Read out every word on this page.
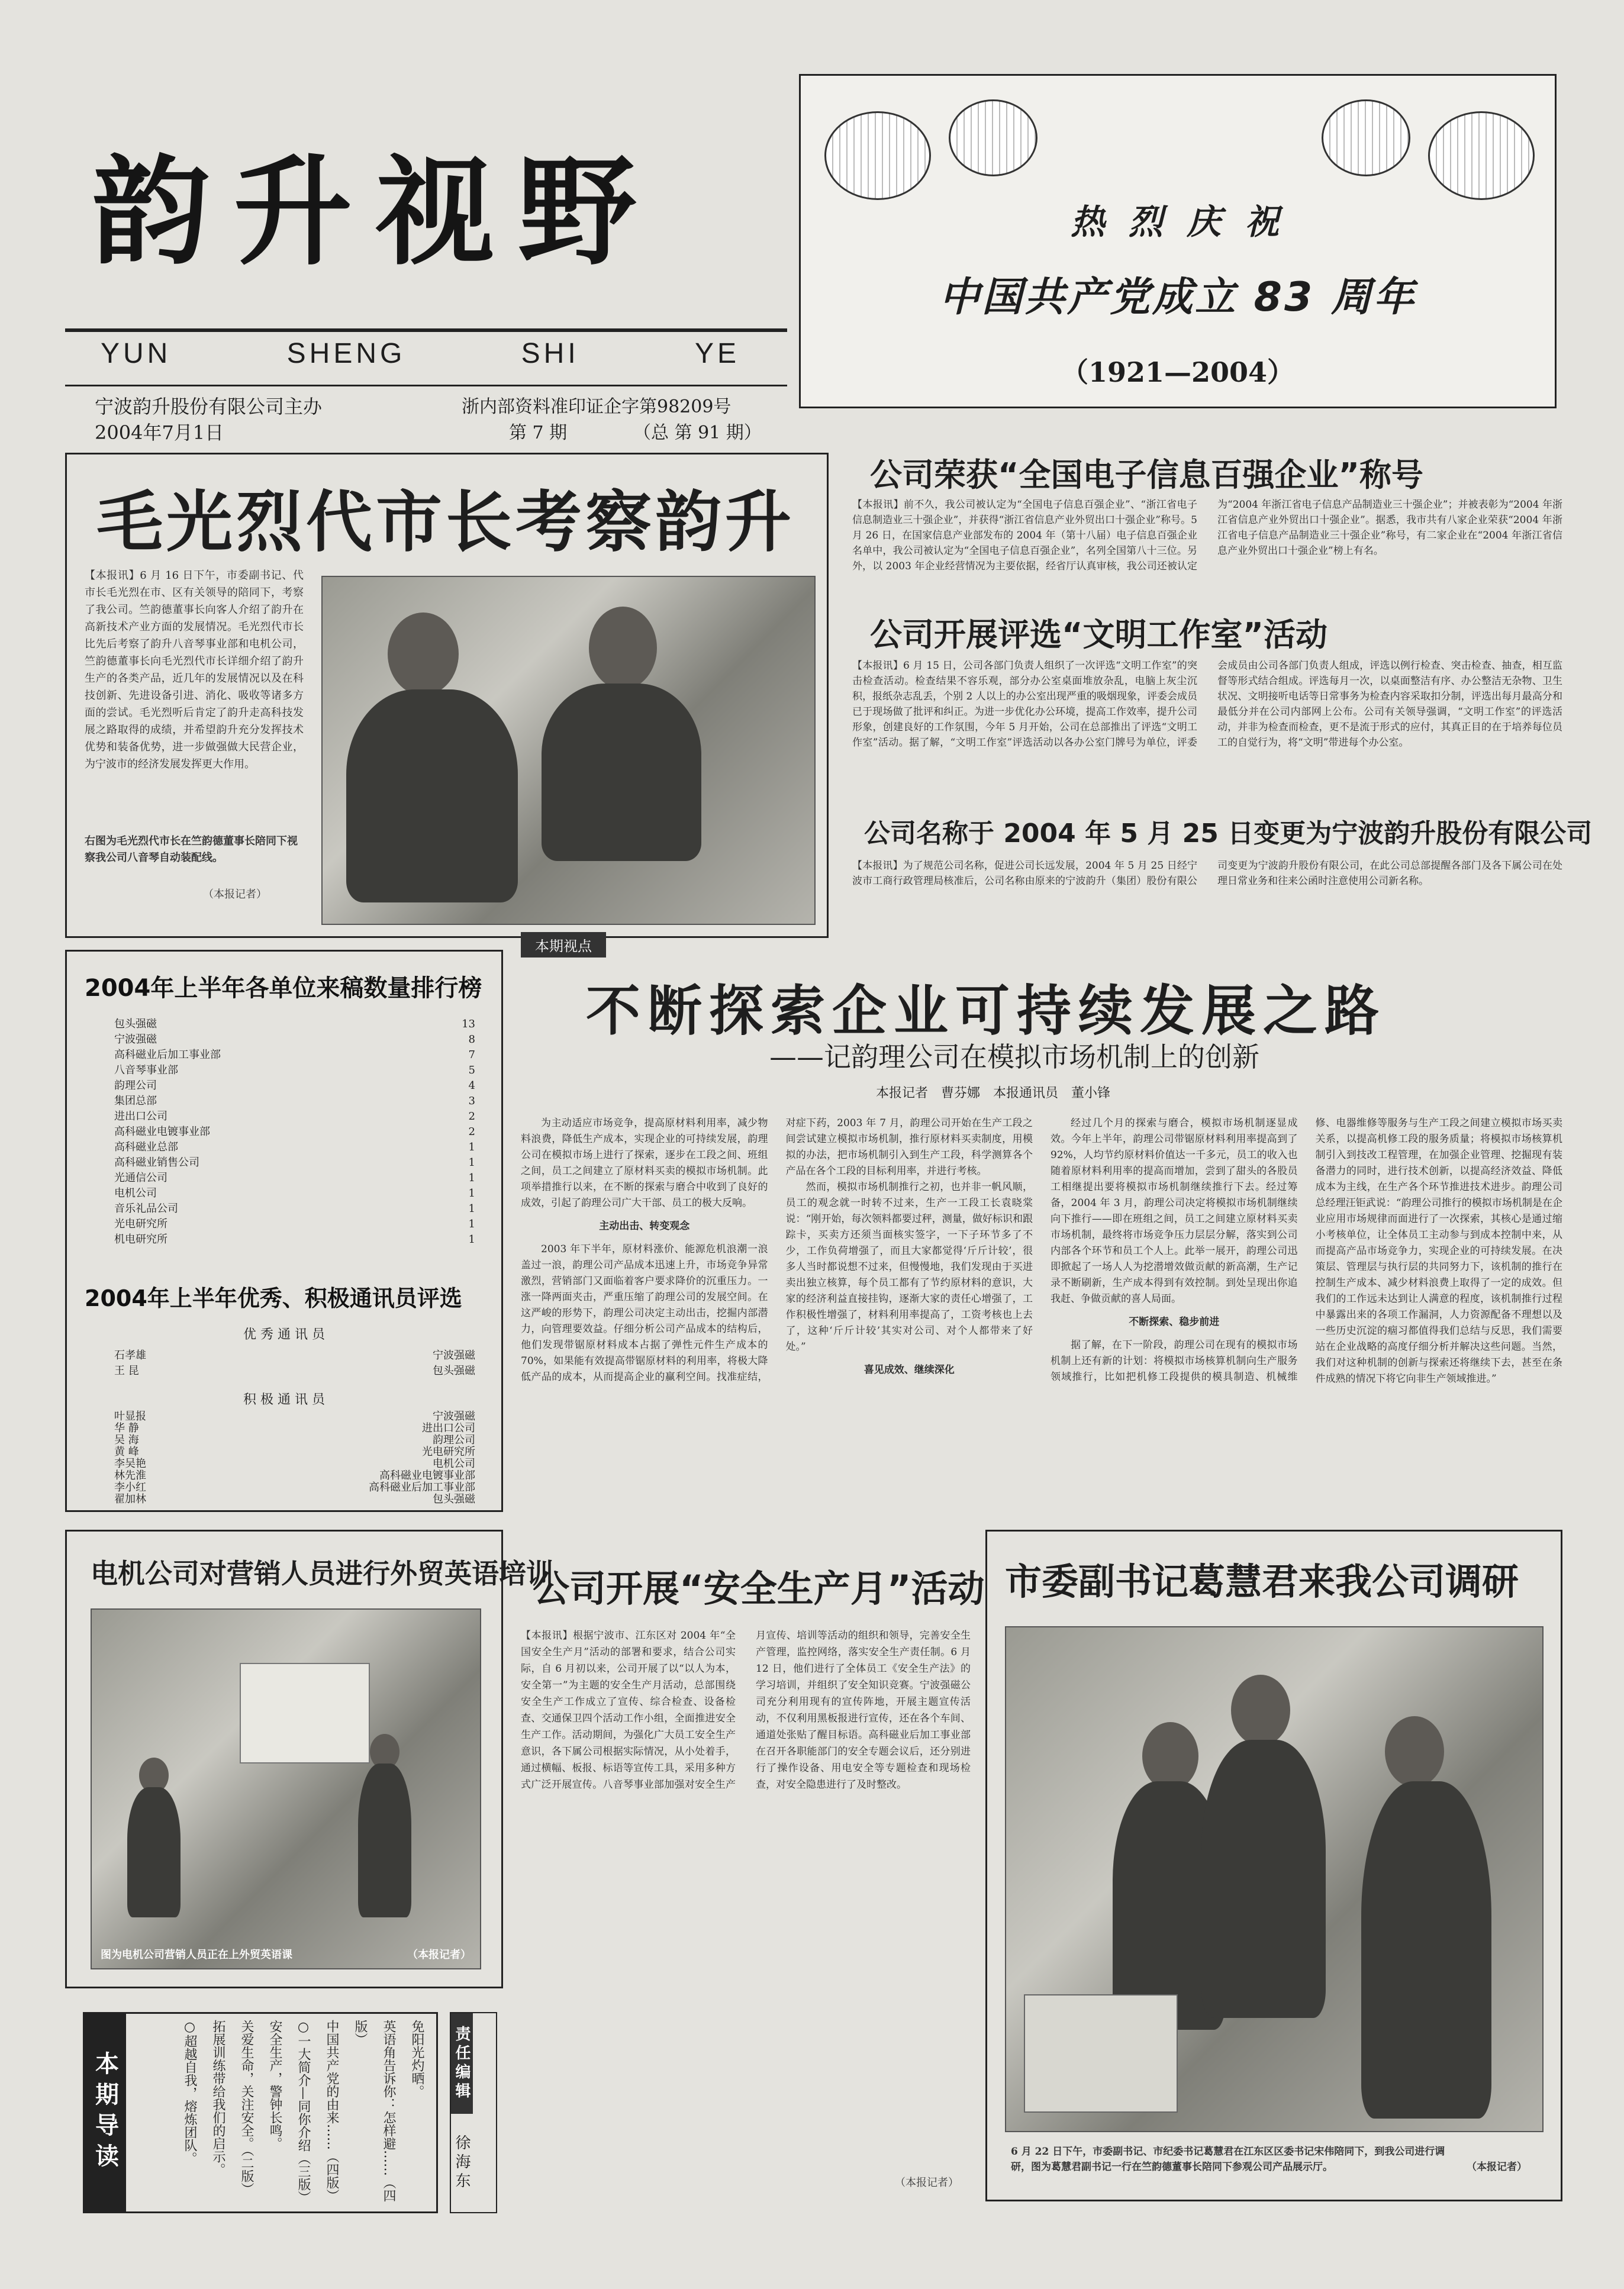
韵升视野
YUN	SHENG	SHI	YE
宁波韵升股份有限公司主办	浙内部资料准印证企字第98209号
2004年7月1日	第 7 期	（总 第 91 期）
热 烈 庆 祝
中国共产党成立 83 周年
（1921—2004）
毛光烈代市长考察韵升
【本报讯】6 月 16 日下午，市委副书记、代市长毛光烈在市、区有关领导的陪同下，考察了我公司。竺韵德董事长向客人介绍了韵升在高新技术产业方面的发展情况。毛光烈代市长比先后考察了韵升八音琴事业部和电机公司，竺韵德董事长向毛光烈代市长详细介绍了韵升生产的各类产品，近几年的发展情况以及在科技创新、先进设备引进、消化、吸收等诸多方面的尝试。毛光烈听后肯定了韵升走高科技发展之路取得的成绩，并希望韵升充分发挥技术优势和装备优势，进一步做强做大民营企业，为宁波市的经济发展发挥更大作用。
右图为毛光烈代市长在竺韵德董事长陪同下视察我公司八音琴自动装配线。
（本报记者）
公司荣获“全国电子信息百强企业”称号
【本报讯】前不久，我公司被认定为“全国电子信息百强企业”、“浙江省电子信息制造业三十强企业”，并获得“浙江省信息产业外贸出口十强企业”称号。5 月 26 日，在国家信息产业部发布的 2004 年（第十八届）电子信息百强企业名单中，我公司被认定为“全国电子信息百强企业”，名列全国第八十三位。另外，以 2003 年企业经营情况为主要依据，经省厅认真审核，我公司还被认定为“2004 年浙江省电子信息产品制造业三十强企业”；并被表彰为“2004 年浙江省信息产业外贸出口十强企业”。据悉，我市共有八家企业荣获“2004 年浙江省电子信息产品制造业三十强企业”称号，有二家企业在“2004 年浙江省信息产业外贸出口十强企业”榜上有名。
公司开展评选“文明工作室”活动
【本报讯】6 月 15 日，公司各部门负责人组织了一次评选“文明工作室”的突击检查活动。检查结果不容乐观，部分办公室桌面堆放杂乱，电脑上灰尘沉积，报纸杂志乱丢，个别 2 人以上的办公室出现严重的吸烟现象，评委会成员已于现场做了批评和纠正。为进一步优化办公环境，提高工作效率，提升公司形象，创建良好的工作氛围，今年 5 月开始，公司在总部推出了评选“文明工作室”活动。据了解，“文明工作室”评选活动以各办公室门牌号为单位，评委会成员由公司各部门负责人组成，评选以例行检查、突击检查、抽查，相互监督等形式结合组成。评选每月一次，以桌面整洁有序、办公整洁无杂物、卫生状况、文明接听电话等日常事务为检查内容采取扣分制，评选出每月最高分和最低分并在公司内部网上公布。公司有关领导强调，“文明工作室”的评选活动，并非为检查而检查，更不是流于形式的应付，其真正目的在于培养每位员工的自觉行为，将“文明”带进每个办公室。
公司名称于 2004 年 5 月 25 日变更为宁波韵升股份有限公司
【本报讯】为了规范公司名称，促进公司长远发展，2004 年 5 月 25 日经宁波市工商行政管理局核准后，公司名称由原来的宁波韵升（集团）股份有限公司变更为宁波韵升股份有限公司，在此公司总部提醒各部门及各下属公司在处理日常业务和往来公函时注意使用公司新名称。
2004年上半年各单位来稿数量排行榜
包头强磁	13
宁波强磁	8
高科磁业后加工事业部	7
八音琴事业部	5
韵理公司	4
集团总部	3
进出口公司	2
高科磁业电镀事业部	2
高科磁业总部	1
高科磁业销售公司	1
光通信公司	1
电机公司	1
音乐礼品公司	1
光电研究所	1
机电研究所	1
2004年上半年优秀、积极通讯员评选
优 秀 通 讯 员
石孝雄	宁波强磁
王 昆	包头强磁
积 极 通 讯 员
叶显报	宁波强磁
华 静	进出口公司
吴 海	韵理公司
黄 峰	光电研究所
李吴艳	电机公司
林先淮	高科磁业电镀事业部
李小红	高科磁业后加工事业部
翟加林	包头强磁
本期视点
不断探索企业可持续发展之路
——记韵理公司在模拟市场机制上的创新
本报记者　曹芬娜　本报通讯员　董小锋

为主动适应市场竞争，提高原材料利用率，减少物料浪费，降低生产成本，实现企业的可持续发展，韵理公司在模拟市场上进行了探索，逐步在工段之间、班组之间，员工之间建立了原材料买卖的模拟市场机制。此项举措推行以来，在不断的探索与磨合中收到了良好的成效，引起了韵理公司广大干部、员工的极大反响。

主动出击、转变观念

2003 年下半年，原材料涨价、能源危机浪潮一浪盖过一浪，韵理公司产品成本迅速上升，市场竞争异常激烈，营销部门又面临着客户要求降价的沉重压力。一涨一降两面夹击，严重压缩了韵理公司的发展空间。在这严峻的形势下，韵理公司决定主动出击，挖掘内部潜力，向管理要效益。仔细分析公司产品成本的结构后，他们发现带锯原材料成本占据了弹性元件生产成本的 70%，如果能有效提高带锯原材料的利用率，将极大降低产品的成本，从而提高企业的赢利空间。找准症结，对症下药，2003 年 7 月，韵理公司开始在生产工段之间尝试建立模拟市场机制，推行原材料买卖制度，用模拟的办法，把市场机制引入到生产工段，科学测算各个产品在各个工段的目标利用率，并进行考核。

然而，模拟市场机制推行之初，也并非一帆风顺，员工的观念就一时转不过来，生产一工段工长袁晓棠说：“刚开始，每次领料都要过秤，测量，做好标识和跟踪卡，买卖方还须当面核实签字，一下子环节多了不少，工作负荷增强了，而且大家都觉得‘斤斤计较’，很多人当时都说想不过来，但慢慢地，我们发现由于买进卖出独立核算，每个员工都有了节约原材料的意识，大家的经济利益直接挂钩，逐渐大家的责任心增强了，工作积极性增强了，材料利用率提高了，工资考核也上去了，这种‘斤斤计较’其实对公司、对个人都带来了好处。”

喜见成效、继续深化

经过几个月的探索与磨合，模拟市场机制逐显成效。今年上半年，韵理公司带锯原材料利用率提高到了 92%，人均节约原材料价值达一千多元，员工的收入也随着原材料利用率的提高而增加，尝到了甜头的各股员工相继提出要将模拟市场机制继续推行下去。经过筹备，2004 年 3 月，韵理公司决定将模拟市场机制继续向下推行——即在班组之间，员工之间建立原材料买卖市场机制，最终将市场竞争压力层层分解，落实到公司内部各个环节和员工个人上。此举一展开，韵理公司迅即掀起了一场人人为挖潜增效做贡献的新高潮，生产记录不断刷新，生产成本得到有效控制。到处呈现出你追我赶、争做贡献的喜人局面。

不断探索、稳步前进

据了解，在下一阶段，韵理公司在现有的模拟市场机制上还有新的计划：将模拟市场核算机制向生产服务领域推行，比如把机修工段提供的模具制造、机械维修、电器维修等服务与生产工段之间建立模拟市场买卖关系，以提高机修工段的服务质量；将模拟市场核算机制引入到技改工程管理，在加强企业管理、挖掘现有装备潜力的同时，进行技术创新，以提高经济效益、降低成本为主线，在生产各个环节推进技术进步。韵理公司总经理汪钜武说：“韵理公司推行的模拟市场机制是在企业应用市场规律而面进行了一次探索，其核心是通过缩小考核单位，让全体员工主动参与到成本控制中来，从而提高产品市场竞争力，实现企业的可持续发展。在决策层、管理层与执行层的共同努力下，该机制的推行在控制生产成本、减少材料浪费上取得了一定的成效。但我们的工作远未达到让人满意的程度，该机制推行过程中暴露出来的各项工作漏洞，人力资源配备不理想以及一些历史沉淀的痼习都值得我们总结与反思，我们需要站在企业战略的高度仔细分析并解决这些问题。当然，我们对这种机制的创新与探索还将继续下去，甚至在条件成熟的情况下将它向非生产领域推进。”

电机公司对营销人员进行外贸英语培训
图为电机公司营销人员正在上外贸英语课	（本报记者）
公司开展“安全生产月”活动
【本报讯】根据宁波市、江东区对 2004 年“全国安全生产月”活动的部署和要求，结合公司实际，自 6 月初以来，公司开展了以“以人为本，安全第一”为主题的安全生产月活动，总部围绕安全生产工作成立了宣传、综合检查、设备检查、交通保卫四个活动工作小组，全面推进安全生产工作。活动期间，为强化广大员工安全生产意识，各下属公司根据实际情况，从小处着手，通过横幅、板报、标语等宣传工具，采用多种方式广泛开展宣传。八音琴事业部加强对安全生产月宣传、培训等活动的组织和领导，完善安全生产管理，监控网络，落实安全生产责任制。6 月 12 日，他们进行了全体员工《安全生产法》的学习培训，并组织了安全知识竞赛。宁波强磁公司充分利用现有的宣传阵地，开展主题宣传活动，不仅利用黑板报进行宣传，还在各个车间、通道处张贴了醒目标语。高科磁业后加工事业部在召开各职能部门的安全专题会议后，还分别进行了操作设备、用电安全等专题检查和现场检查，对安全隐患进行了及时整改。
（本报记者）
市委副书记葛慧君来我公司调研
6 月 22 日下午，市委副书记、市纪委书记葛慧君在江东区区委书记宋伟陪同下，到我公司进行调研，图为葛慧君副书记一行在竺韵德董事长陪同下参观公司产品展示厅。	（本报记者）
本期导读	免阳光灼晒。
英语角告诉你：怎样避……（四版）
中国共产党的由来……（四版）
○一大简介—同你介绍（三版）
安全生产，警钟长鸣。
关爱生命，关注安全。（二版）
拓展训练带给我们的启示。
○超越自我，熔炼团队。	责任编辑
徐海东
